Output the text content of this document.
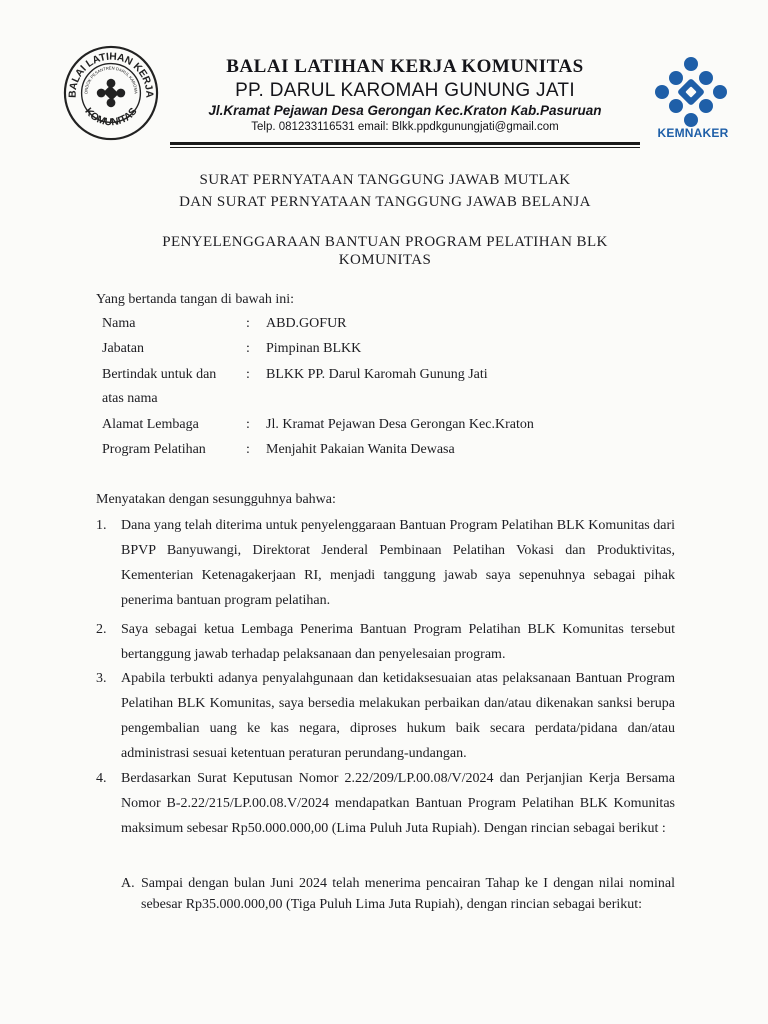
BALAI LATIHAN KERJA
KOMUNITAS
ONDOK PESANTREN DARUL KAROMA
BALAI LATIHAN KERJA KOMUNITAS
PP. DARUL KAROMAH GUNUNG JATI
Jl.Kramat Pejawan Desa Gerongan Kec.Kraton Kab.Pasuruan
Telp. 081233116531 email: Blkk.ppdkgunungjati@gmail.com	KEMNAKER
SURAT PERNYATAAN TANGGUNG JAWAB MUTLAK
DAN SURAT PERNYATAAN TANGGUNG JAWAB BELANJA
PENYELENGGARAAN BANTUAN PROGRAM PELATIHAN BLK
KOMUNITAS
Yang bertanda tangan di bawah ini:
Nama	: ABD.GOFUR
Jabatan	: Pimpinan BLKK
Bertindak untuk dan
atas nama
: BLKK PP. Darul Karomah Gunung Jati
Alamat Lembaga	: Jl. Kramat Pejawan Desa Gerongan Kec.Kraton
Program Pelatihan	: Menjahit Pakaian Wanita Dewasa
Menyatakan dengan sesungguhnya bahwa:
1. Dana yang telah diterima untuk penyelenggaraan Bantuan Program Pelatihan BLK Komunitas dari BPVP Banyuwangi, Direktorat Jenderal Pembinaan Pelatihan Vokasi dan Produktivitas, Kementerian Ketenagakerjaan RI, menjadi tanggung jawab saya sepenuhnya sebagai pihak penerima bantuan program pelatihan.
2. Saya sebagai ketua Lembaga Penerima Bantuan Program Pelatihan BLK Komunitas tersebut bertanggung jawab terhadap pelaksanaan dan penyelesaian program.
3. Apabila terbukti adanya penyalahgunaan dan ketidaksesuaian atas pelaksanaan Bantuan Program Pelatihan BLK Komunitas, saya bersedia melakukan perbaikan dan/atau dikenakan sanksi berupa pengembalian uang ke kas negara, diproses hukum baik secara perdata/pidana dan/atau administrasi sesuai ketentuan peraturan perundang-undangan.
4. Berdasarkan Surat Keputusan Nomor 2.22/209/LP.00.08/V/2024 dan Perjanjian Kerja Bersama Nomor B-2.22/215/LP.00.08.V/2024 mendapatkan Bantuan Program Pelatihan BLK Komunitas maksimum sebesar Rp50.000.000,00 (Lima Puluh Juta Rupiah). Dengan rincian sebagai berikut :
A. Sampai dengan bulan Juni 2024 telah menerima pencairan Tahap ke I dengan nilai nominal sebesar Rp35.000.000,00 (Tiga Puluh Lima Juta Rupiah), dengan rincian sebagai berikut:
